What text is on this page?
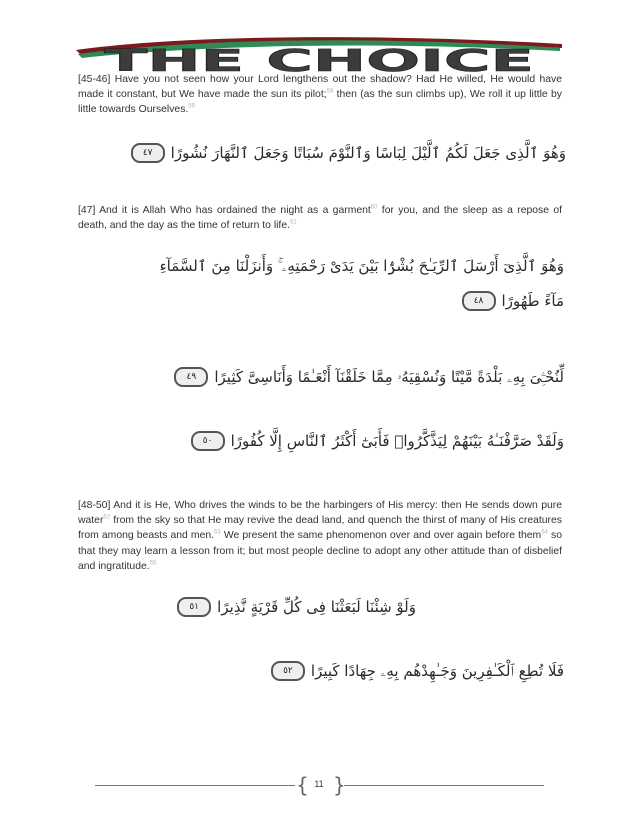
THE CHOICE

[45-46] Have you not seen how your Lord lengthens out the shadow? Had He willed, He would have made it constant, but We have made the sun its pilot;$^{58}$ then (as the sun climbs up), We roll it up little by little towards Ourselves.$^{59}$

وَهُوَ ٱلَّذِى جَعَلَ لَكُمُ ٱلَّيْلَ لِبَاسًا وَٱلنَّوْمَ سُبَاتًا وَجَعَلَ ٱلنَّهَارَ نُشُورًا
٤٧

[47] And it is Allah Who has ordained the night as a garment$^{60}$ for you, and the sleep as a repose of death, and the day as the time of return to life.$^{61}$

وَهُوَ ٱلَّذِىٓ أَرْسَلَ ٱلرِّيَـٰحَ بُشْرًۢا بَيْنَ يَدَىْ رَحْمَتِهِۦ ۚ وَأَنزَلْنَا مِنَ ٱلسَّمَآءِ
مَآءً طَهُورًا
٤٨
لِّنُحْـِۧىَ بِهِۦ بَلْدَةً مَّيْتًا وَنُسْقِيَهُۥ مِمَّا خَلَقْنَآ أَنْعَـٰمًا وَأَنَاسِىَّ كَثِيرًا
٤٩
وَلَقَدْ صَرَّفْنَـٰهُ بَيْنَهُمْ لِيَذَّكَّرُوا۟ فَأَبَىٰٓ أَكْثَرُ ٱلنَّاسِ إِلَّا كُفُورًا
٥٠

[48-50] And it is He, Who drives the winds to be the harbingers of His mercy: then He sends down pure water$^{62}$ from the sky so that He may revive the dead land, and quench the thirst of many of His creatures from among beasts and men.$^{63}$ We present the same phenomenon over and over again before them$^{64}$ so that they may learn a lesson from it; but most people decline to adopt any other attitude than of disbelief and ingratitude.$^{65}$

وَلَوْ شِئْنَا لَبَعَثْنَا فِى كُلِّ قَرْيَةٍ نَّذِيرًا
٥١
فَلَا تُطِعِ ٱلْكَـٰفِرِينَ وَجَـٰهِدْهُم بِهِۦ جِهَادًا كَبِيرًا
٥٢
{ }
11
